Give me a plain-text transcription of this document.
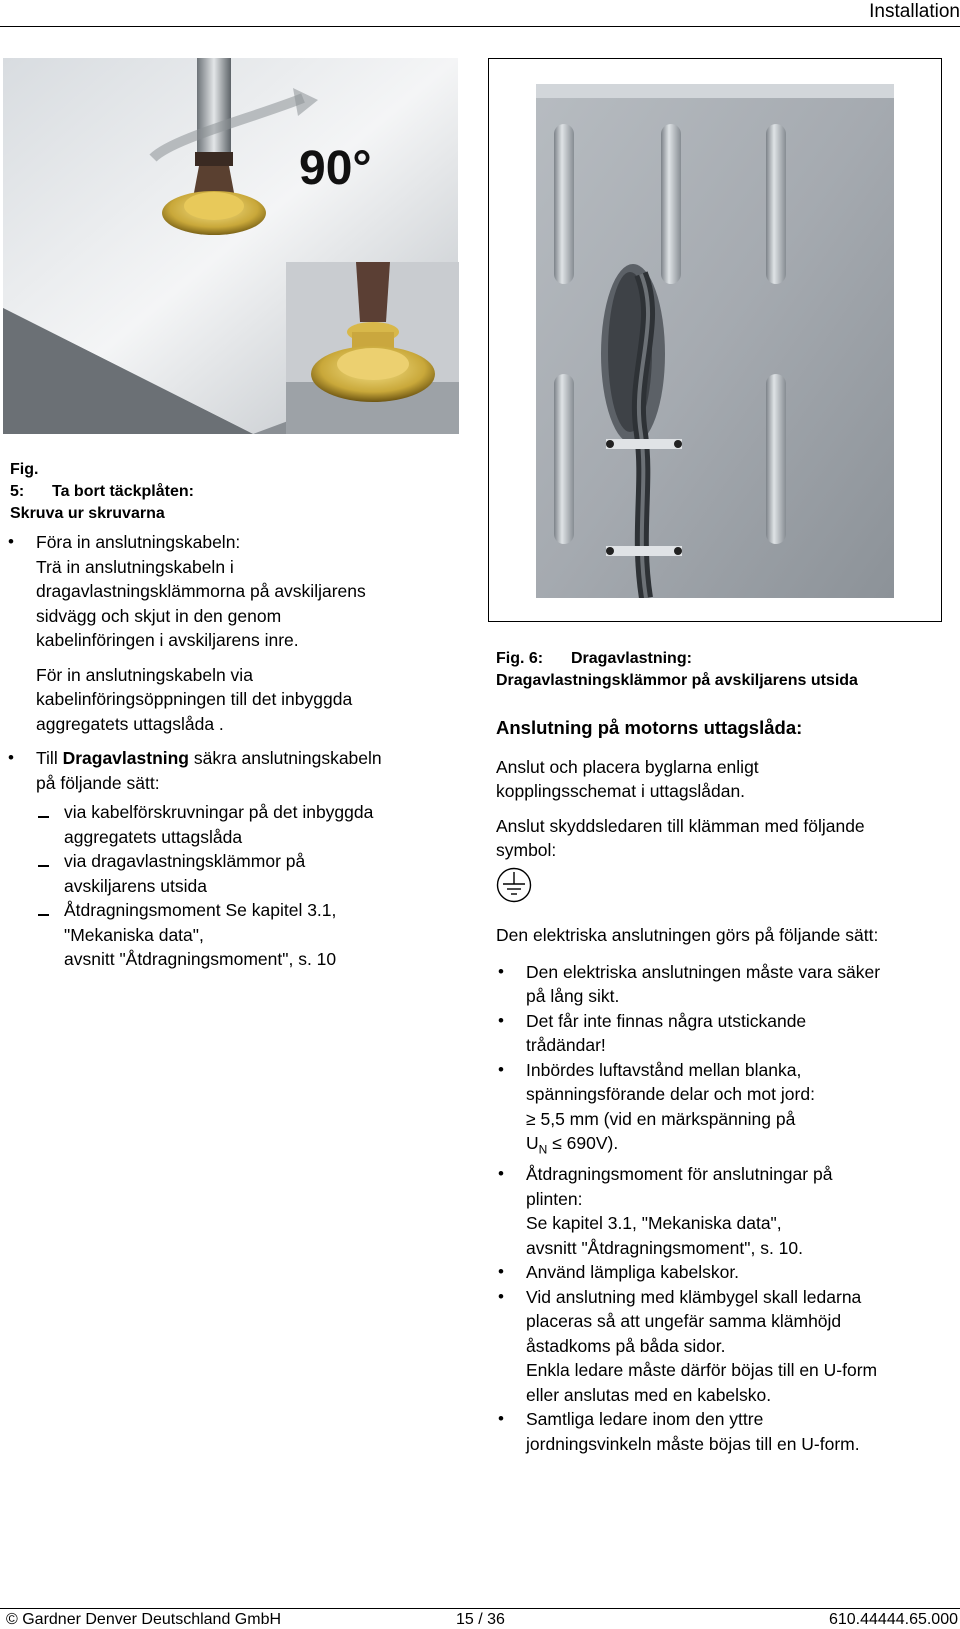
Installation
90°
Fig. 5: Ta bort täckplåten:
Skruva ur skruvarna
• Föra in anslutningskabeln:
Trä in anslutningskabeln i
dragavlastningsklämmorna på avskiljarens
sidvägg och skjut in den genom
kabelinföringen i avskiljarens inre.
För in anslutningskabeln via
kabelinföringsöppningen till det inbyggda
aggregatets uttagslåda .
• Till Dragavlastning säkra anslutningskabeln
på följande sätt:
via kabelförskruvningar på det inbyggda
aggregatets uttagslåda
via dragavlastningsklämmor på
avskiljarens utsida
Åtdragningsmoment Se kapitel 3.1,
"Mekaniska data",
avsnitt "Åtdragningsmoment", s. 10
Fig. 6: Dragavlastning:
Dragavlastningsklämmor på avskiljarens utsida
Anslutning på motorns uttagslåda:
Anslut och placera byglarna enligt
kopplingsschemat i uttagslådan.
Anslut skyddsledaren till klämman med följande
symbol:
Den elektriska anslutningen görs på följande sätt:
• Den elektriska anslutningen måste vara säker
på lång sikt.
• Det får inte finnas några utstickande
trådändar!
• Inbördes luftavstånd mellan blanka,
spänningsförande delar och mot jord:
≥ 5,5 mm (vid en märkspänning på
$U_N \le 690V$).
• Åtdragningsmoment för anslutningar på
plinten:
Se kapitel 3.1, "Mekaniska data",
avsnitt "Åtdragningsmoment", s. 10.
• Använd lämpliga kabelskor.
• Vid anslutning med klämbygel skall ledarna
placeras så att ungefär samma klämhöjd
åstadkoms på båda sidor.
Enkla ledare måste därför böjas till en U-form
eller anslutas med en kabelsko.
• Samtliga ledare inom den yttre
jordningsvinkeln måste böjas till en U-form.
© Gardner Denver Deutschland GmbH	15 / 36	610.44444.65.000
